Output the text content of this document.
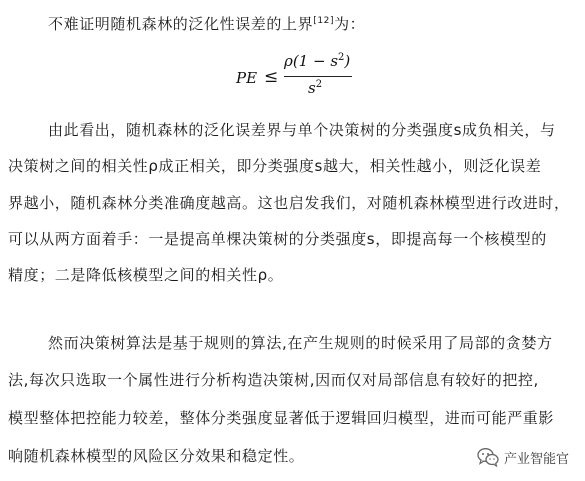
不难证明随机森林的泛化性误差的上界[12]为：
PE ≤
$\rho(1 - s^2)$
$s^2$
由此看出，随机森林的泛化误差界与单个决策树的分类强度s成负相关，与
决策树之间的相关性ρ成正相关，即分类强度s越大，相关性越小，则泛化误差
界越小，随机森林分类准确度越高。这也启发我们，对随机森林模型进行改进时，
可以从两方面着手：一是提高单棵决策树的分类强度s，即提高每一个核模型的
精度；二是降低核模型之间的相关性ρ。
然而决策树算法是基于规则的算法,在产生规则的时候采用了局部的贪婪方
法,每次只选取一个属性进行分析构造决策树,因而仅对局部信息有较好的把控,
模型整体把控能力较差，整体分类强度显著低于逻辑回归模型，进而可能严重影
响随机森林模型的风险区分效果和稳定性。	产业智能官
